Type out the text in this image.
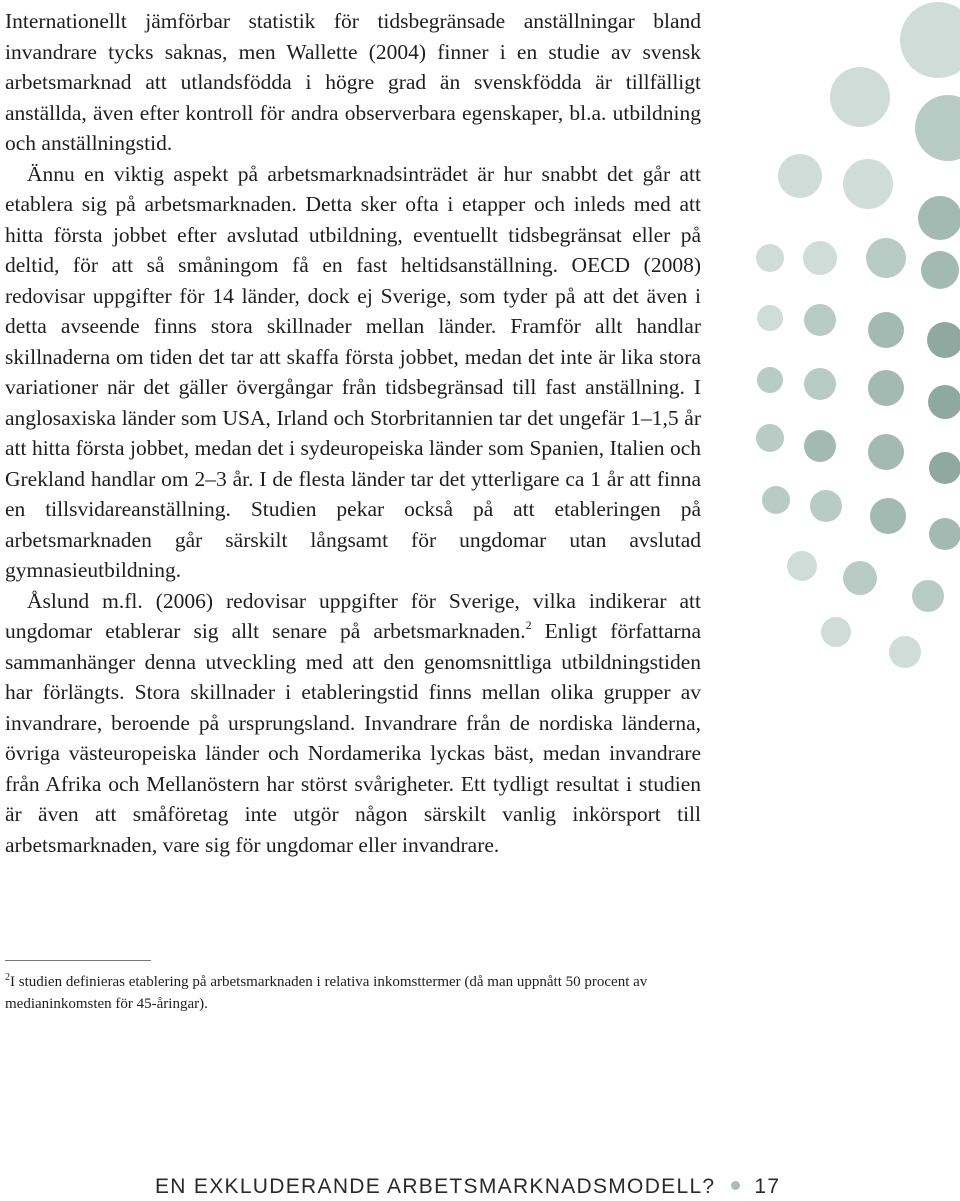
Internationellt jämförbar statistik för tidsbegränsade anställningar bland invandrare tycks saknas, men Wallette (2004) finner i en studie av svensk arbetsmarknad att utlandsfödda i högre grad än svenskfödda är tillfälligt anställda, även efter kontroll för andra observerbara egenskaper, bl.a. utbildning och anställningstid.

Ännu en viktig aspekt på arbetsmarknadsinträdet är hur snabbt det går att etablera sig på arbetsmarknaden. Detta sker ofta i etapper och inleds med att hitta första jobbet efter avslutad utbildning, eventuellt tidsbegränsat eller på deltid, för att så småningom få en fast heltidsanställning. OECD (2008) redovisar uppgifter för 14 länder, dock ej Sverige, som tyder på att det även i detta avseende finns stora skillnader mellan länder. Framför allt handlar skillnaderna om tiden det tar att skaffa första jobbet, medan det inte är lika stora variationer när det gäller övergångar från tidsbegränsad till fast anställning. I anglosaxiska länder som USA, Irland och Storbritannien tar det ungefär 1–1,5 år att hitta första jobbet, medan det i sydeuropeiska länder som Spanien, Italien och Grekland handlar om 2–3 år. I de flesta länder tar det ytterligare ca 1 år att finna en tillsvidareanställning. Studien pekar också på att etableringen på arbetsmarknaden går särskilt långsamt för ungdomar utan avslutad gymnasieutbildning.

Åslund m.fl. (2006) redovisar uppgifter för Sverige, vilka indikerar att ungdomar etablerar sig allt senare på arbetsmarknaden.$^2$ Enligt författarna sammanhänger denna utveckling med att den genomsnittliga utbildningstiden har förlängts. Stora skillnader i etableringstid finns mellan olika grupper av invandrare, beroende på ursprungsland. Invandrare från de nordiska länderna, övriga västeuropeiska länder och Nordamerika lyckas bäst, medan invandrare från Afrika och Mellanöstern har störst svårigheter. Ett tydligt resultat i studien är även att småföretag inte utgör någon särskilt vanlig inkörsport till arbetsmarknaden, vare sig för ungdomar eller invandrare.

$^2$I studien definieras etablering på arbetsmarknaden i relativa inkomsttermer (då man uppnått 50 procent av medianinkomsten för 45-åringar).
EN EXKLUDERANDE ARBETSMARKNADSMODELL? 17
